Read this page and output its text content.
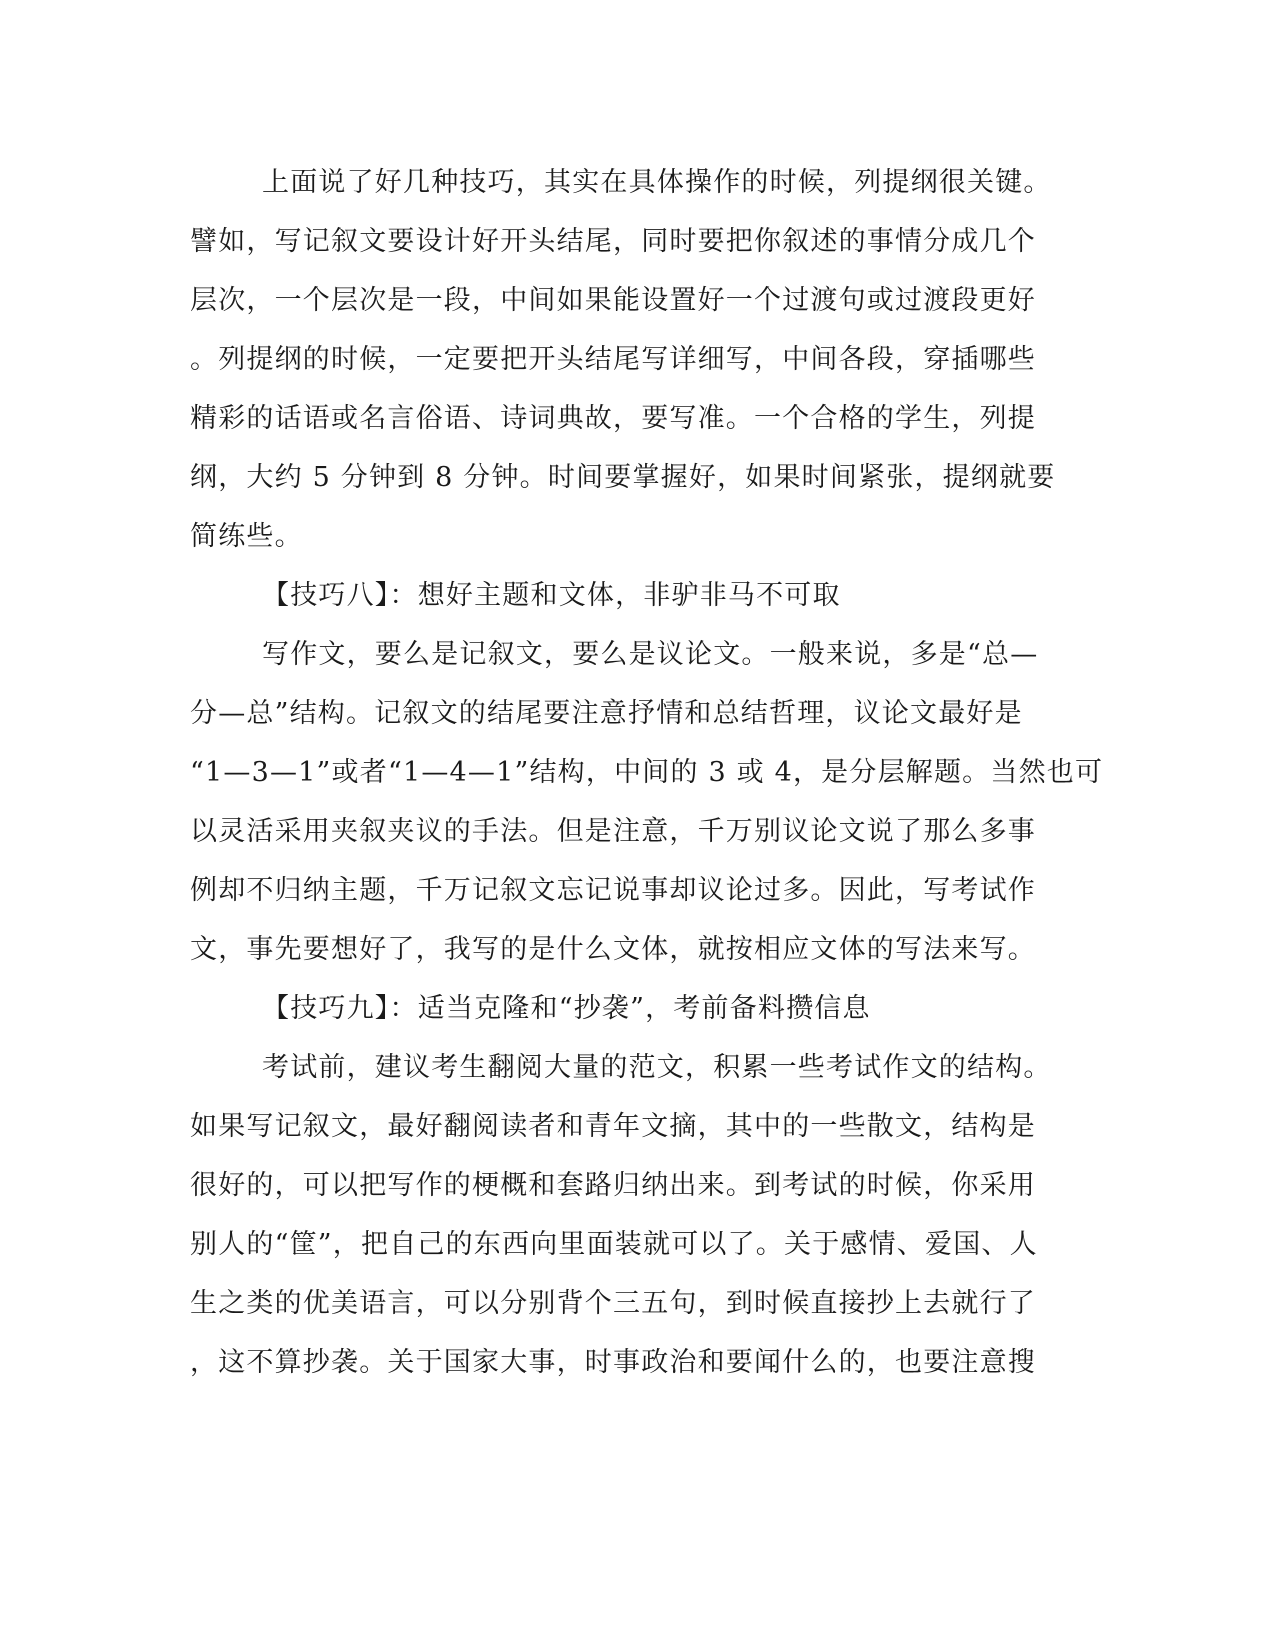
上面说了好几种技巧，其实在具体操作的时候，列提纲很关键。
譬如，写记叙文要设计好开头结尾，同时要把你叙述的事情分成几个
层次，一个层次是一段，中间如果能设置好一个过渡句或过渡段更好
。列提纲的时候，一定要把开头结尾写详细写，中间各段，穿插哪些
精彩的话语或名言俗语、诗词典故，要写准。一个合格的学生，列提
纲，大约 5 分钟到 8 分钟。时间要掌握好，如果时间紧张，提纲就要
简练些。
【技巧八】：想好主题和文体，非驴非马不可取
写作文，要么是记叙文，要么是议论文。一般来说，多是“总—
分—总”结构。记叙文的结尾要注意抒情和总结哲理，议论文最好是
“1—3—1”或者“1—4—1”结构，中间的 3 或 4，是分层解题。当然也可
以灵活采用夹叙夹议的手法。但是注意，千万别议论文说了那么多事
例却不归纳主题，千万记叙文忘记说事却议论过多。因此，写考试作
文，事先要想好了，我写的是什么文体，就按相应文体的写法来写。
【技巧九】：适当克隆和“抄袭”，考前备料攒信息
考试前，建议考生翻阅大量的范文，积累一些考试作文的结构。
如果写记叙文，最好翻阅读者和青年文摘，其中的一些散文，结构是
很好的，可以把写作的梗概和套路归纳出来。到考试的时候，你采用
别人的“筐”，把自己的东西向里面装就可以了。关于感情、爱国、人
生之类的优美语言，可以分别背个三五句，到时候直接抄上去就行了
，这不算抄袭。关于国家大事，时事政治和要闻什么的，也要注意搜
